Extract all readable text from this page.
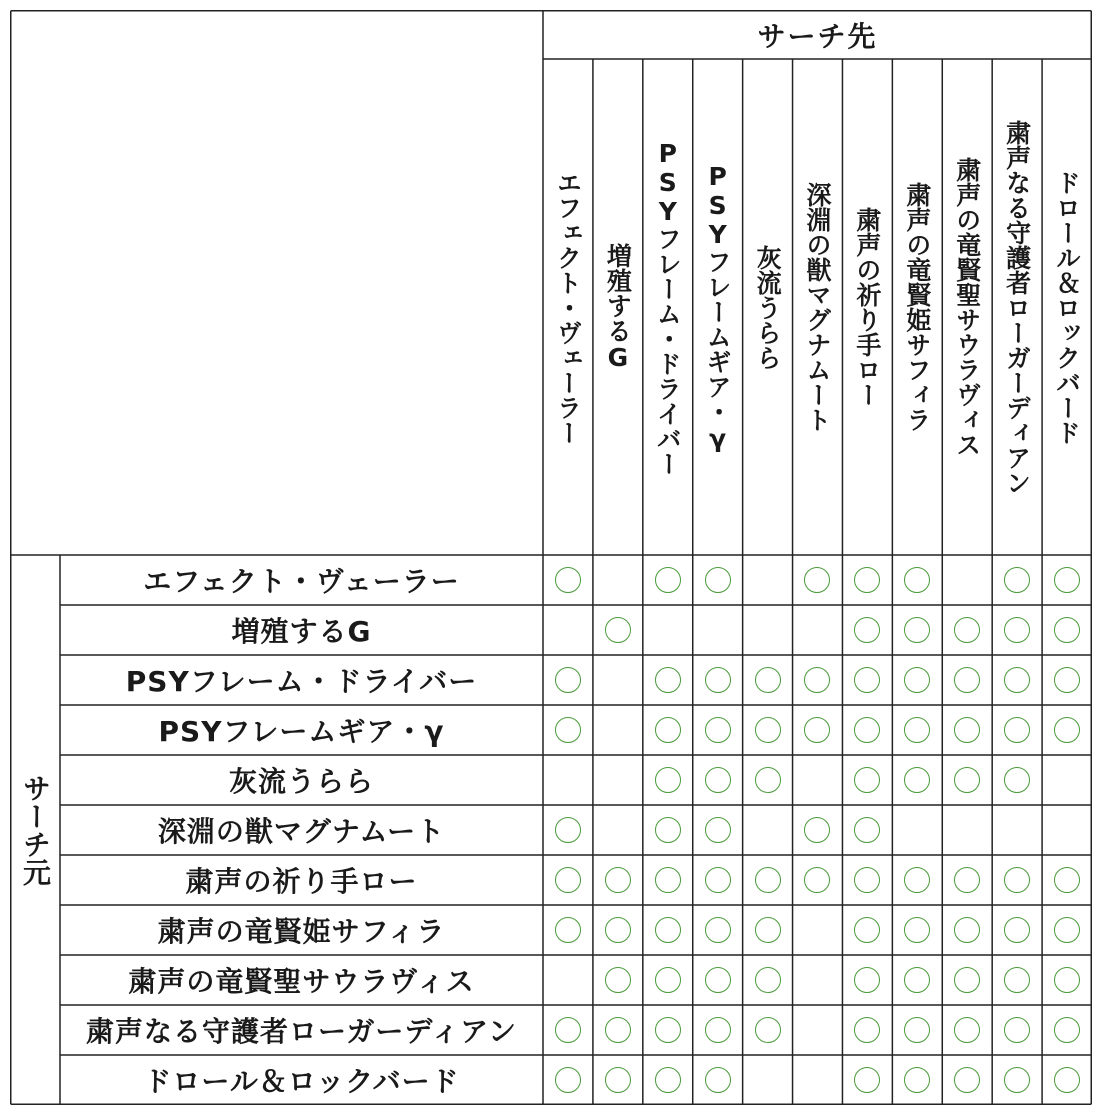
サーチ先
サーチ元
エフェクト・ヴェーラー 増殖するG PSYフレーム・ドライバー PSYフレームギア・γ 灰流うらら 深淵の獣マグナムート 粛声の祈り手ロー 粛声の竜賢姫サフィラ 粛声の竜賢聖サウラヴィス 粛声なる守護者ローガーディアン ドロール＆ロックバード
エフェクト・ヴェーラー
増殖するG
PSYフレーム・ドライバー
PSYフレームギア・γ
灰流うらら
深淵の獣マグナムート
粛声の祈り手ロー
粛声の竜賢姫サフィラ
粛声の竜賢聖サウラヴィス
粛声なる守護者ローガーディアン
ドロール＆ロックバード
